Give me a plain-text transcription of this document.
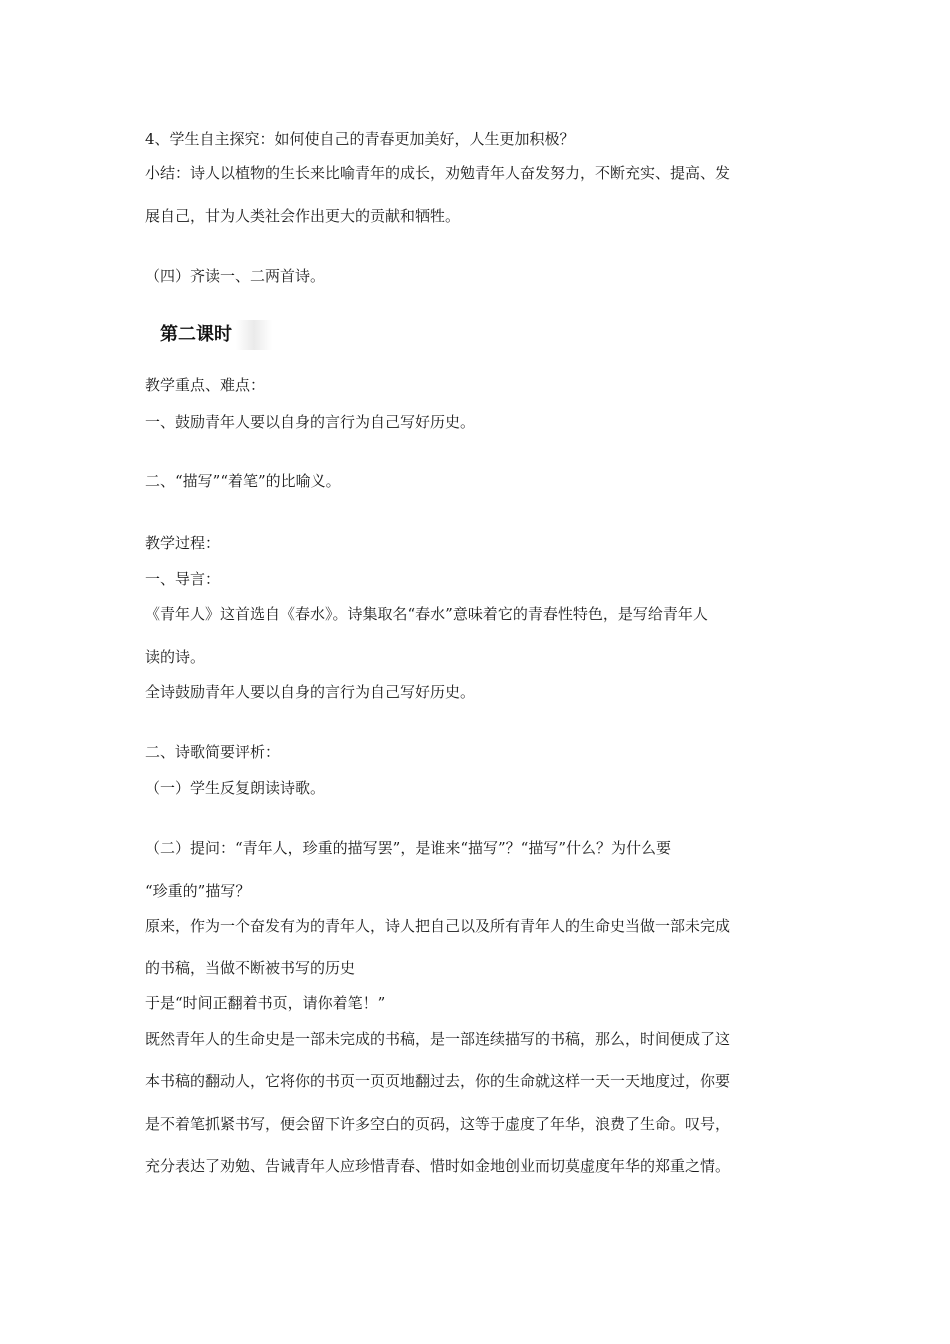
4、学生自主探究：如何使自己的青春更加美好，人生更加积极？
小结：诗人以植物的生长来比喻青年的成长，劝勉青年人奋发努力，不断充实、提高、发
展自己，甘为人类社会作出更大的贡献和牺牲。
（四）齐读一、二两首诗。
第二课时
教学重点、难点：
一、鼓励青年人要以自身的言行为自己写好历史。
二、“描写”“着笔”的比喻义。
教学过程：
一、导言：
《青年人》这首选自《春水》。诗集取名“春水”意味着它的青春性特色，是写给青年人
读的诗。
全诗鼓励青年人要以自身的言行为自己写好历史。
二、诗歌简要评析：
（一）学生反复朗读诗歌。
（二）提问：“青年人，珍重的描写罢”，是谁来“描写”？“描写”什么？为什么要
“珍重的”描写？
原来，作为一个奋发有为的青年人，诗人把自己以及所有青年人的生命史当做一部未完成
的书稿，当做不断被书写的历史
于是“时间正翻着书页，请你着笔！”
既然青年人的生命史是一部未完成的书稿，是一部连续描写的书稿，那么，时间便成了这
本书稿的翻动人，它将你的书页一页页地翻过去，你的生命就这样一天一天地度过，你要
是不着笔抓紧书写，便会留下许多空白的页码，这等于虚度了年华，浪费了生命。叹号，
充分表达了劝勉、告诫青年人应珍惜青春、惜时如金地创业而切莫虚度年华的郑重之情。
